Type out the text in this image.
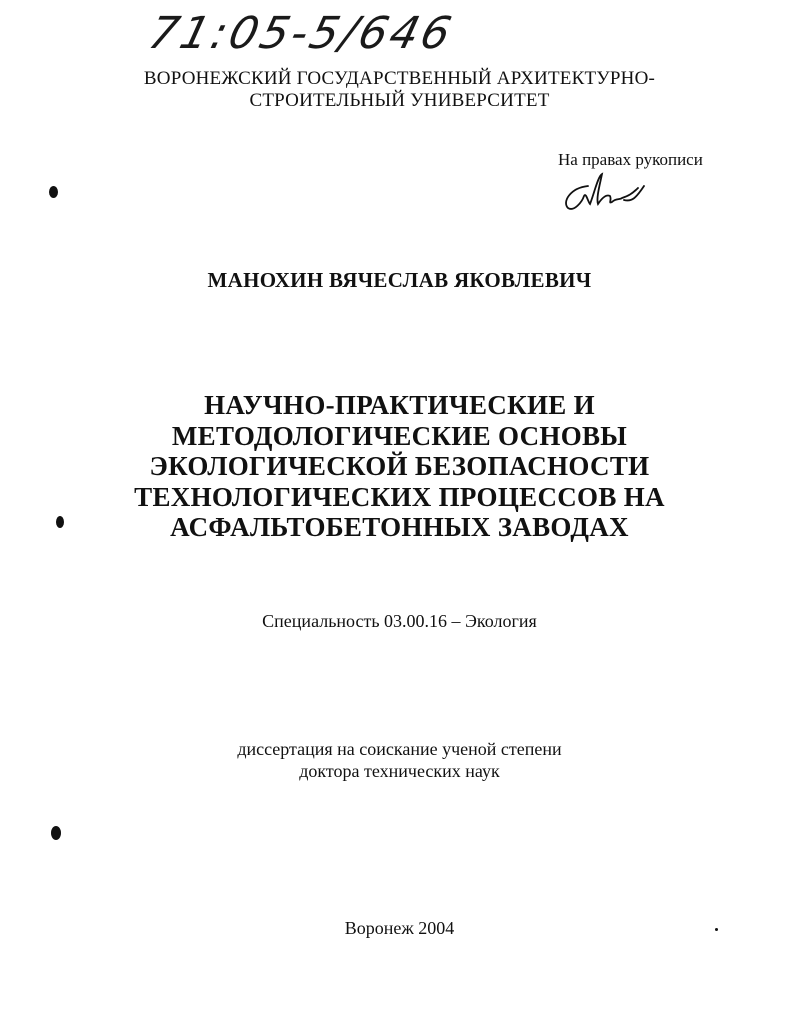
71:05-5/646
ВОРОНЕЖСКИЙ ГОСУДАРСТВЕННЫЙ АРХИТЕКТУРНО-
СТРОИТЕЛЬНЫЙ УНИВЕРСИТЕТ
На правах рукописи
МАНОХИН ВЯЧЕСЛАВ ЯКОВЛЕВИЧ
НАУЧНО-ПРАКТИЧЕСКИЕ И
МЕТОДОЛОГИЧЕСКИЕ ОСНОВЫ
ЭКОЛОГИЧЕСКОЙ БЕЗОПАСНОСТИ
ТЕХНОЛОГИЧЕСКИХ ПРОЦЕССОВ НА
АСФАЛЬТОБЕТОННЫХ ЗАВОДАХ
Специальность 03.00.16 – Экология
диссертация на соискание ученой степени
доктора технических наук
Воронеж 2004
